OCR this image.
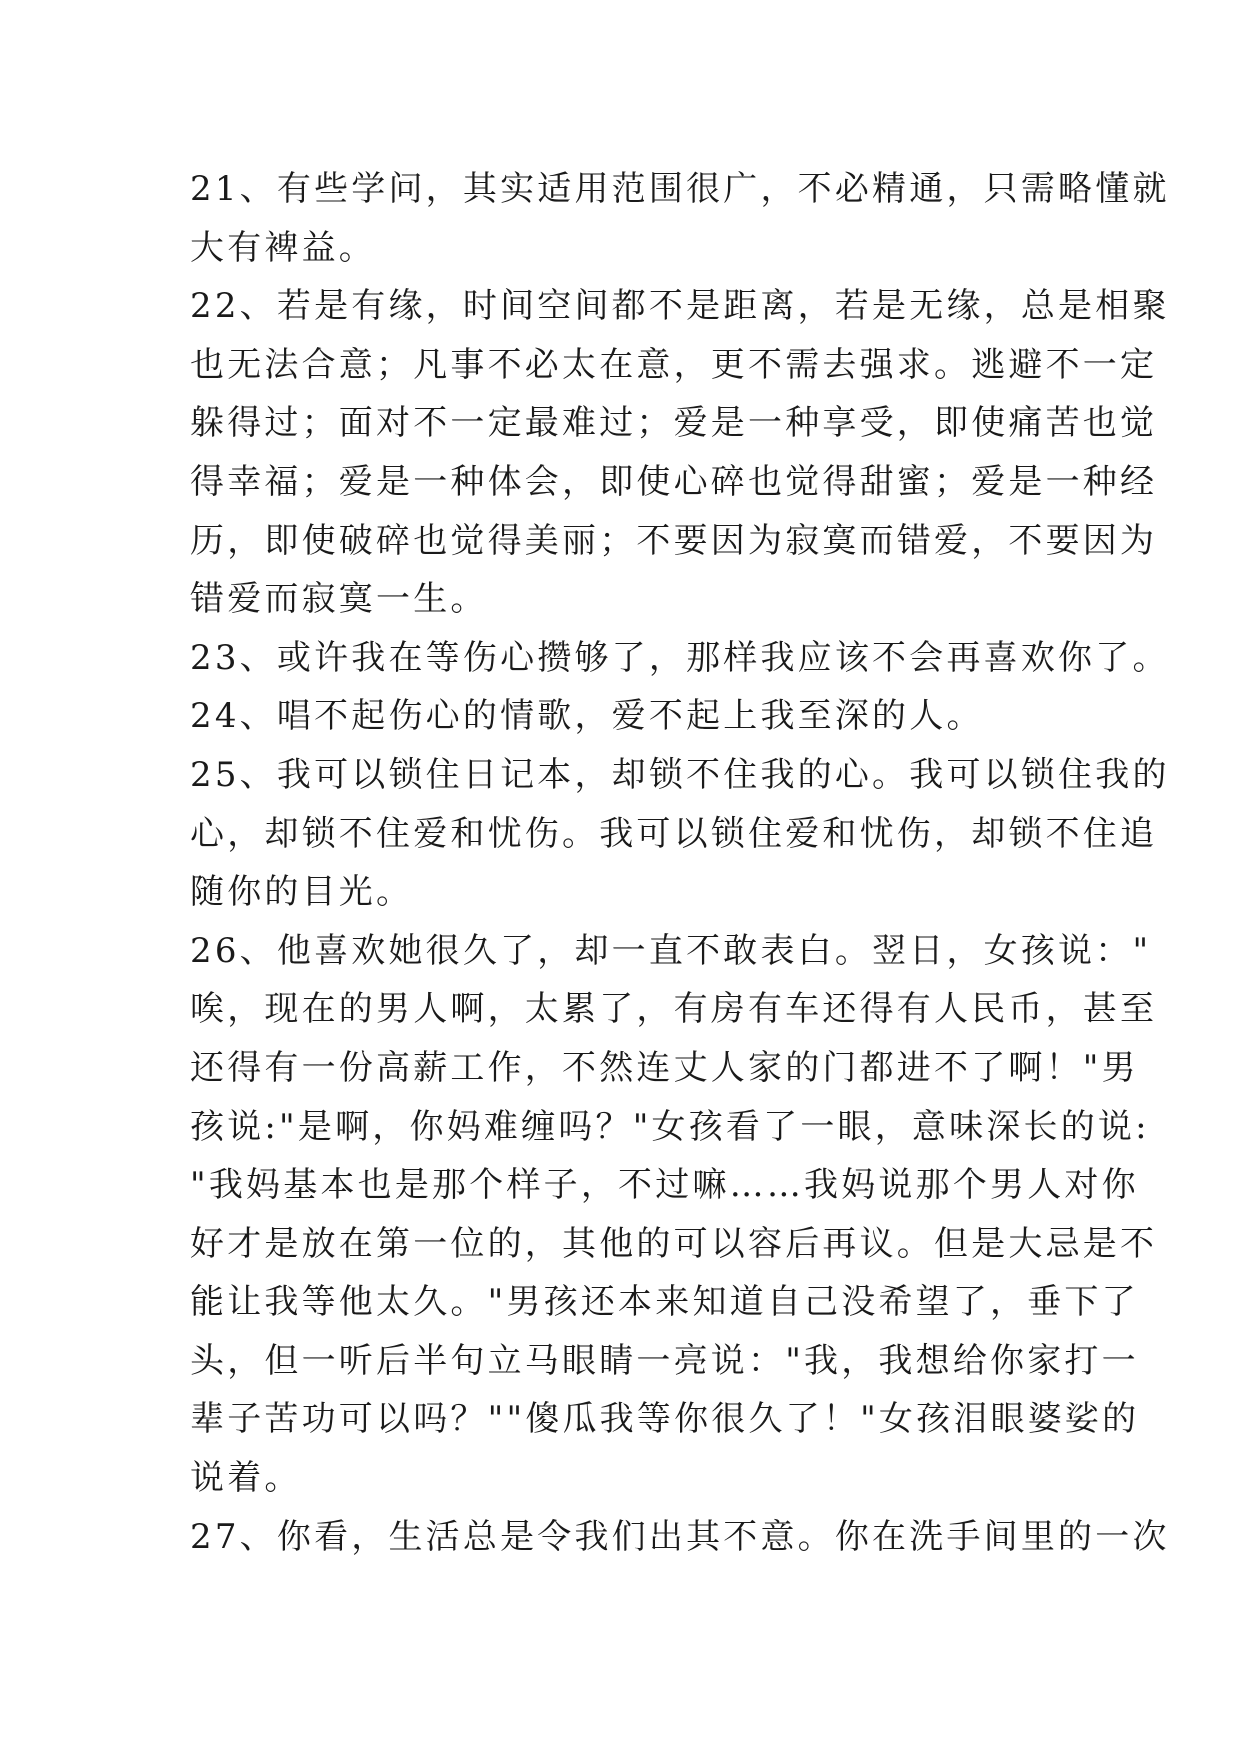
21、有些学问，其实适用范围很广，不必精通，只需略懂就
大有裨益。
22、若是有缘，时间空间都不是距离，若是无缘，总是相聚
也无法合意；凡事不必太在意，更不需去强求。逃避不一定
躲得过；面对不一定最难过；爱是一种享受，即使痛苦也觉
得幸福；爱是一种体会，即使心碎也觉得甜蜜；爱是一种经
历，即使破碎也觉得美丽；不要因为寂寞而错爱，不要因为
错爱而寂寞一生。
23、或许我在等伤心攒够了，那样我应该不会再喜欢你了。
24、唱不起伤心的情歌，爱不起上我至深的人。
25、我可以锁住日记本，却锁不住我的心。我可以锁住我的
心，却锁不住爱和忧伤。我可以锁住爱和忧伤，却锁不住追
随你的目光。
26、他喜欢她很久了，却一直不敢表白。翌日，女孩说："
唉，现在的男人啊，太累了，有房有车还得有人民币，甚至
还得有一份高薪工作，不然连丈人家的门都进不了啊！"男
孩说:"是啊，你妈难缠吗？"女孩看了一眼，意味深长的说:
"我妈基本也是那个样子，不过嘛……我妈说那个男人对你
好才是放在第一位的，其他的可以容后再议。但是大忌是不
能让我等他太久。"男孩还本来知道自己没希望了，垂下了
头，但一听后半句立马眼睛一亮说："我，我想给你家打一
辈子苦功可以吗？""傻瓜我等你很久了！"女孩泪眼婆娑的
说着。
27、你看，生活总是令我们出其不意。你在洗手间里的一次
